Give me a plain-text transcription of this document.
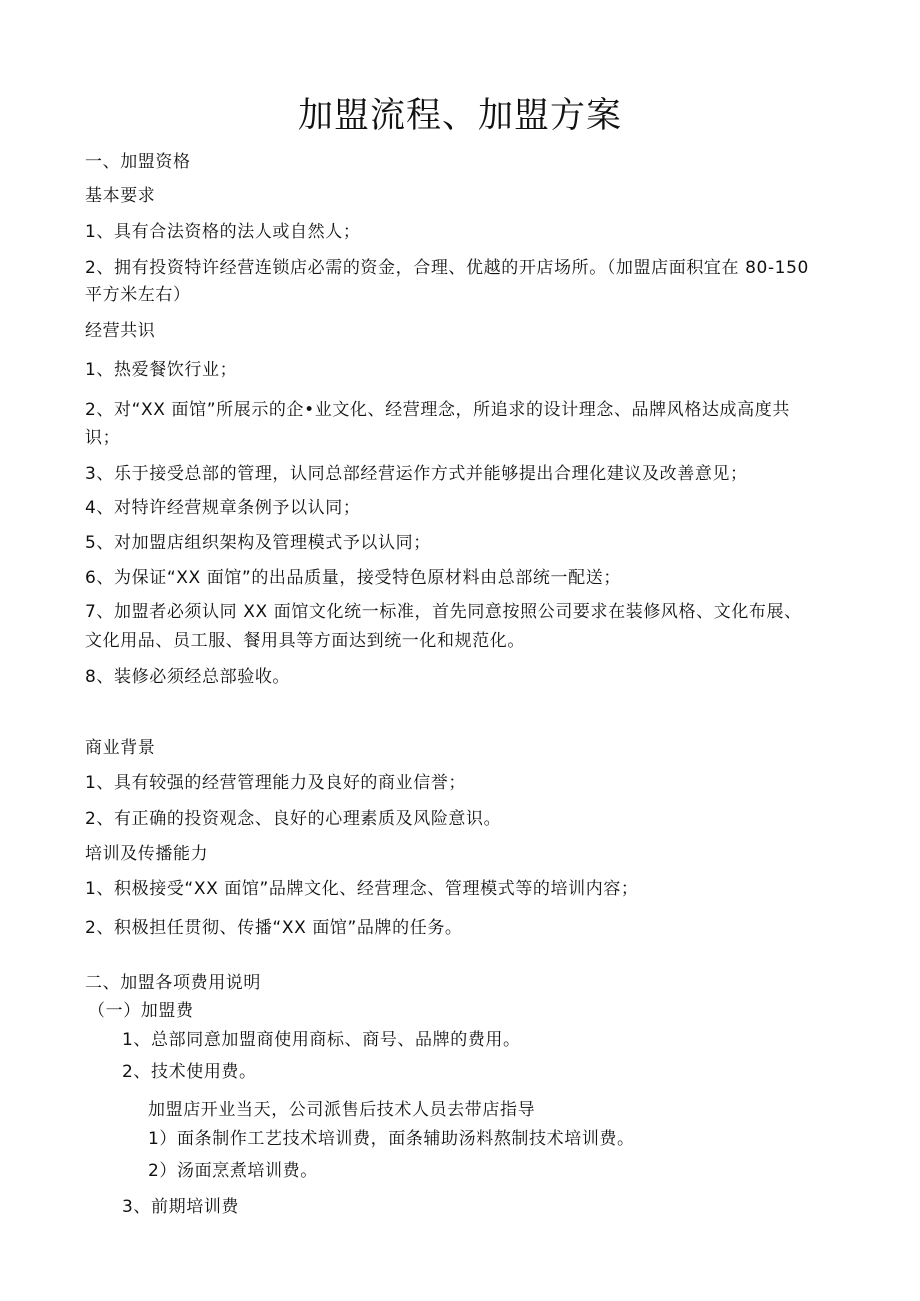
加盟流程、加盟方案
一、加盟资格
基本要求
1、具有合法资格的法人或自然人；
2、拥有投资特许经营连锁店必需的资金，合理、优越的开店场所。（加盟店面积宜在 80-150
平方米左右）
经营共识
1、热爱餐饮行业；
2、对“XX 面馆”所展示的企•业文化、经营理念，所追求的设计理念、品牌风格达成高度共
识；
3、乐于接受总部的管理，认同总部经营运作方式并能够提出合理化建议及改善意见；
4、对特许经营规章条例予以认同；
5、对加盟店组织架构及管理模式予以认同；
6、为保证“XX 面馆”的出品质量，接受特色原材料由总部统一配送；
7、加盟者必须认同 XX 面馆文化统一标准，首先同意按照公司要求在装修风格、文化布展、
文化用品、员工服、餐用具等方面达到统一化和规范化。
8、装修必须经总部验收。
商业背景
1、具有较强的经营管理能力及良好的商业信誉；
2、有正确的投资观念、良好的心理素质及风险意识。
培训及传播能力
1、积极接受“XX 面馆”品牌文化、经营理念、管理模式等的培训内容；
2、积极担任贯彻、传播“XX 面馆”品牌的任务。
二、加盟各项费用说明
（一）加盟费
1、总部同意加盟商使用商标、商号、品牌的费用。
2、技术使用费。
加盟店开业当天，公司派售后技术人员去带店指导
1）面条制作工艺技术培训费，面条辅助汤料熬制技术培训费。
2）汤面烹煮培训费。
3、前期培训费
